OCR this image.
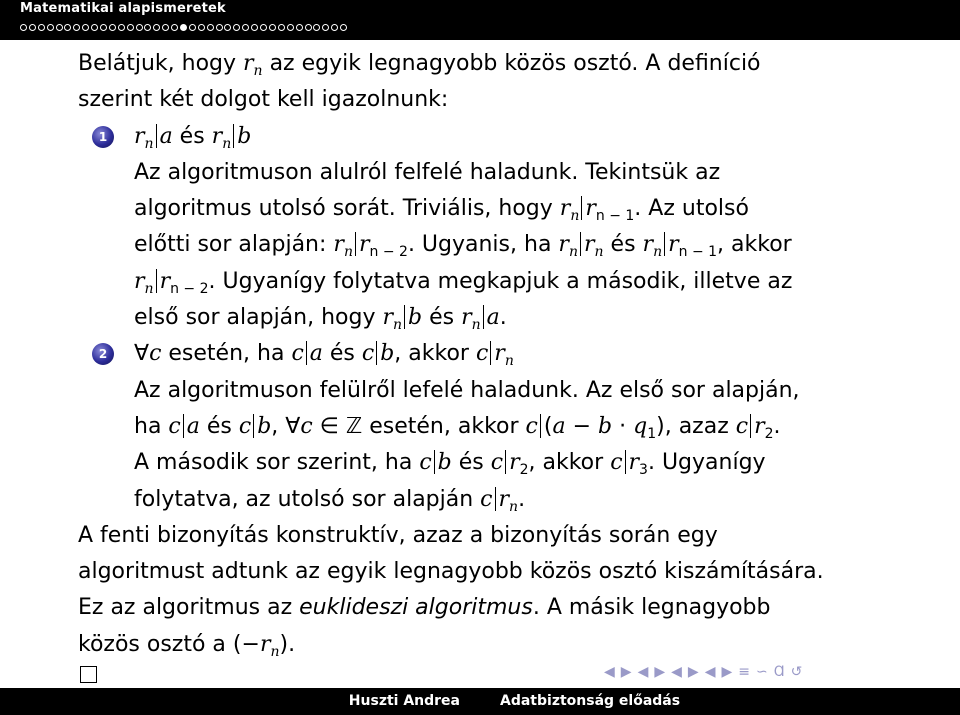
Matematikai alapismeretek
Belátjuk, hogy $r_n$ az egyik legnagyobb közös osztó. A definíció
szerint két dolgot kell igazolnunk:
1	$r_n$ a és $r_n$ b
Az algoritmuson alulról felfelé haladunk. Tekintsük az
algoritmus utolsó sorát. Triviális, hogy $r_n$ $r_{n - 1}$. Az utolsó
előtti sor alapján: $r_n$ $r_{n - 2}$. Ugyanis, ha $r_n$ $r_n$ és $r_n$ $r_{n - 1}$, akkor
$r_n$ $r_{n - 2}$. Ugyanígy folytatva megkapjuk a második, illetve az
első sor alapján, hogy $r_n$ b és $r_n$ a.
2	∀c esetén, ha c a és c b, akkor c $r_n$
Az algoritmuson felülről lefelé haladunk. Az első sor alapján,
ha c a és c b, ∀c ∈ ℤ esetén, akkor c $(a - b \cdot q_1)$, azaz c $r_2$.
A második sor szerint, ha c b és c $r_2$, akkor c $r_3$. Ugyanígy
folytatva, az utolsó sor alapján c $r_n$.
A fenti bizonyítás konstruktív, azaz a bizonyítás során egy
algoritmust adtunk az egyik legnagyobb közös osztó kiszámítására.
Ez az algoritmus az euklideszi algoritmus. A másik legnagyobb
közös osztó a $(-r_n)$.
◀ ▶ ◀ ▶ ◀ ▶ ◀ ▶ ≡ ∽ Ɑ ↺
Huszti Andrea	Adatbiztonság előadás
